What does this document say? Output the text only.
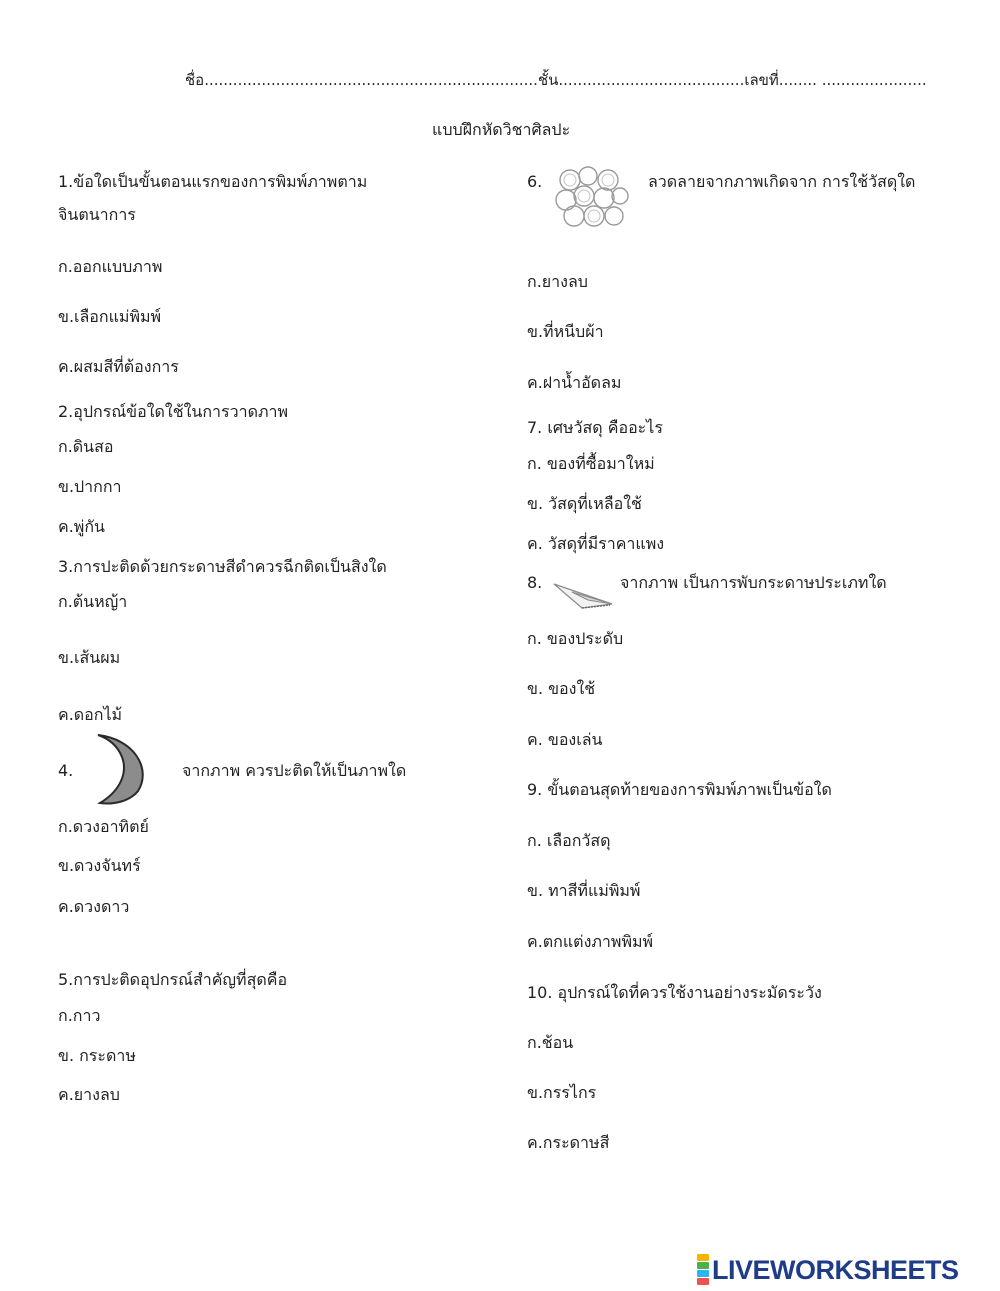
ชื่อ......................................................................ชั้น.......................................เลขที่........ ......................
แบบฝึกหัดวิชาศิลปะ
1.ข้อใดเป็นขั้นตอนแรกของการพิมพ์ภาพตาม
จินตนาการ
ก.ออกแบบภาพ
ข.เลือกแม่พิมพ์
ค.ผสมสีที่ต้องการ
2.อุปกรณ์ข้อใดใช้ในการวาดภาพ
ก.ดินสอ
ข.ปากกา
ค.พู่กัน
3.การปะติดด้วยกระดาษสีดำควรฉีกติดเป็นสิงใด
ก.ต้นหญ้า
ข.เส้นผม
ค.ดอกไม้
4.	จากภาพ ควรปะติดให้เป็นภาพใด
ก.ดวงอาทิตย์
ข.ดวงจันทร์
ค.ดวงดาว
5.การปะติดอุปกรณ์สำคัญที่สุดคือ
ก.กาว
ข. กระดาษ
ค.ยางลบ
6.	ลวดลายจากภาพเกิดจาก การใช้วัสดุใด
ก.ยางลบ
ข.ที่หนีบผ้า
ค.ฝาน้ำอัดลม
7. เศษวัสดุ คืออะไร
ก. ของที่ซื้อมาใหม่
ข. วัสดุที่เหลือใช้
ค. วัสดุที่มีราคาแพง
8.	จากภาพ เป็นการพับกระดาษประเภทใด
ก. ของประดับ
ข. ของใช้
ค. ของเล่น
9. ขั้นตอนสุดท้ายของการพิมพ์ภาพเป็นข้อใด
ก. เลือกวัสดุ
ข. ทาสีที่แม่พิมพ์
ค.ตกแต่งภาพพิมพ์
10. อุปกรณ์ใดที่ควรใช้งานอย่างระมัดระวัง
ก.ช้อน
ข.กรรไกร
ค.กระดาษสี
LIVEWORKSHEETS
